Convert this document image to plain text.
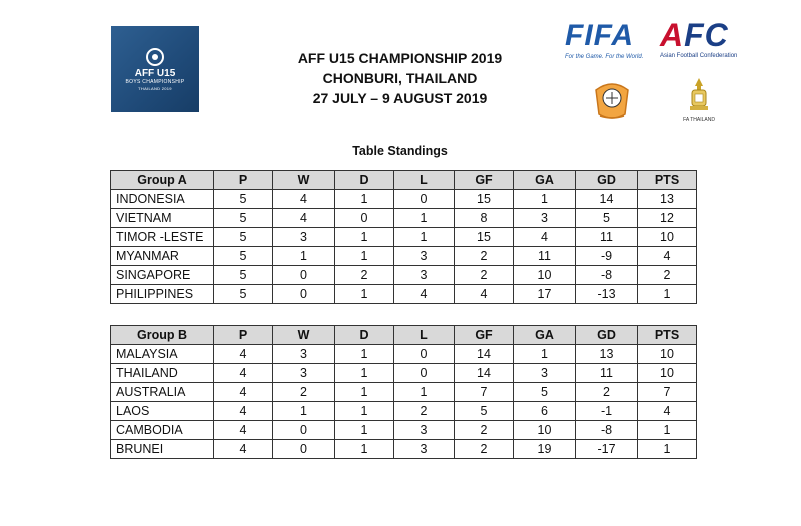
AFF U15
BOYS CHAMPIONSHIP
THAILAND 2019
AFF U15 CHAMPIONSHIP 2019
CHONBURI, THAILAND
27 JULY – 9 AUGUST 2019
FIFA
For the Game. For the World.
AFC
Asian Football Confederation
FA THAILAND
Table Standings
Group A	P	W	D	L	GF	GA	GD	PTS
INDONESIA	5	4	1	0	15	1	14	13
VIETNAM	5	4	0	1	8	3	5	12
TIMOR -LESTE	5	3	1	1	15	4	11	10
MYANMAR	5	1	1	3	2	11	-9	4
SINGAPORE	5	0	2	3	2	10	-8	2
PHILIPPINES	5	0	1	4	4	17	-13	1
Group B	P	W	D	L	GF	GA	GD	PTS
MALAYSIA	4	3	1	0	14	1	13	10
THAILAND	4	3	1	0	14	3	11	10
AUSTRALIA	4	2	1	1	7	5	2	7
LAOS	4	1	1	2	5	6	-1	4
CAMBODIA	4	0	1	3	2	10	-8	1
BRUNEI	4	0	1	3	2	19	-17	1
